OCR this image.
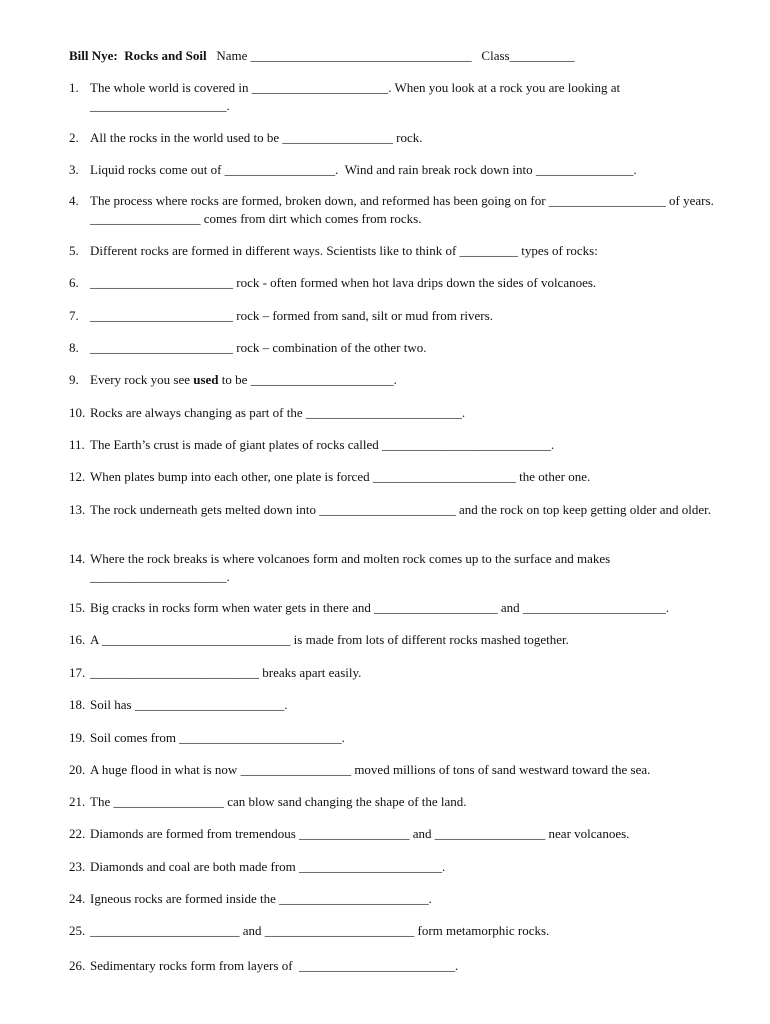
Bill Nye:  Rocks and Soil Name __________________________________ Class__________
1. The whole world is covered in _____________________. When you look at a rock you are looking at _____________________.
2. All the rocks in the world used to be _________________ rock.
3. Liquid rocks come out of _________________.  Wind and rain break rock down into _______________.
4. The process where rocks are formed, broken down, and reformed has been going on for __________________ of years. _________________ comes from dirt which comes from rocks.
5. Different rocks are formed in different ways. Scientists like to think of _________ types of rocks:
6. ______________________ rock - often formed when hot lava drips down the sides of volcanoes.
7. ______________________ rock – formed from sand, silt or mud from rivers.
8. ______________________ rock – combination of the other two.
9. Every rock you see used to be ______________________.
10. Rocks are always changing as part of the ________________________.
11. The Earth’s crust is made of giant plates of rocks called __________________________.
12. When plates bump into each other, one plate is forced ______________________ the other one.
13. The rock underneath gets melted down into _____________________ and the rock on top keep getting older and older.
14. Where the rock breaks is where volcanoes form and molten rock comes up to the surface and makes _____________________.
15. Big cracks in rocks form when water gets in there and ___________________ and ______________________.
16. A _____________________________ is made from lots of different rocks mashed together.
17. __________________________ breaks apart easily.
18. Soil has _______________________.
19. Soil comes from _________________________.
20. A huge flood in what is now _________________ moved millions of tons of sand westward toward the sea.
21. The _________________ can blow sand changing the shape of the land.
22. Diamonds are formed from tremendous _________________ and _________________ near volcanoes.
23. Diamonds and coal are both made from ______________________.
24. Igneous rocks are formed inside the _______________________.
25. _______________________ and _______________________ form metamorphic rocks.
26. Sedimentary rocks form from layers of  ________________________.
